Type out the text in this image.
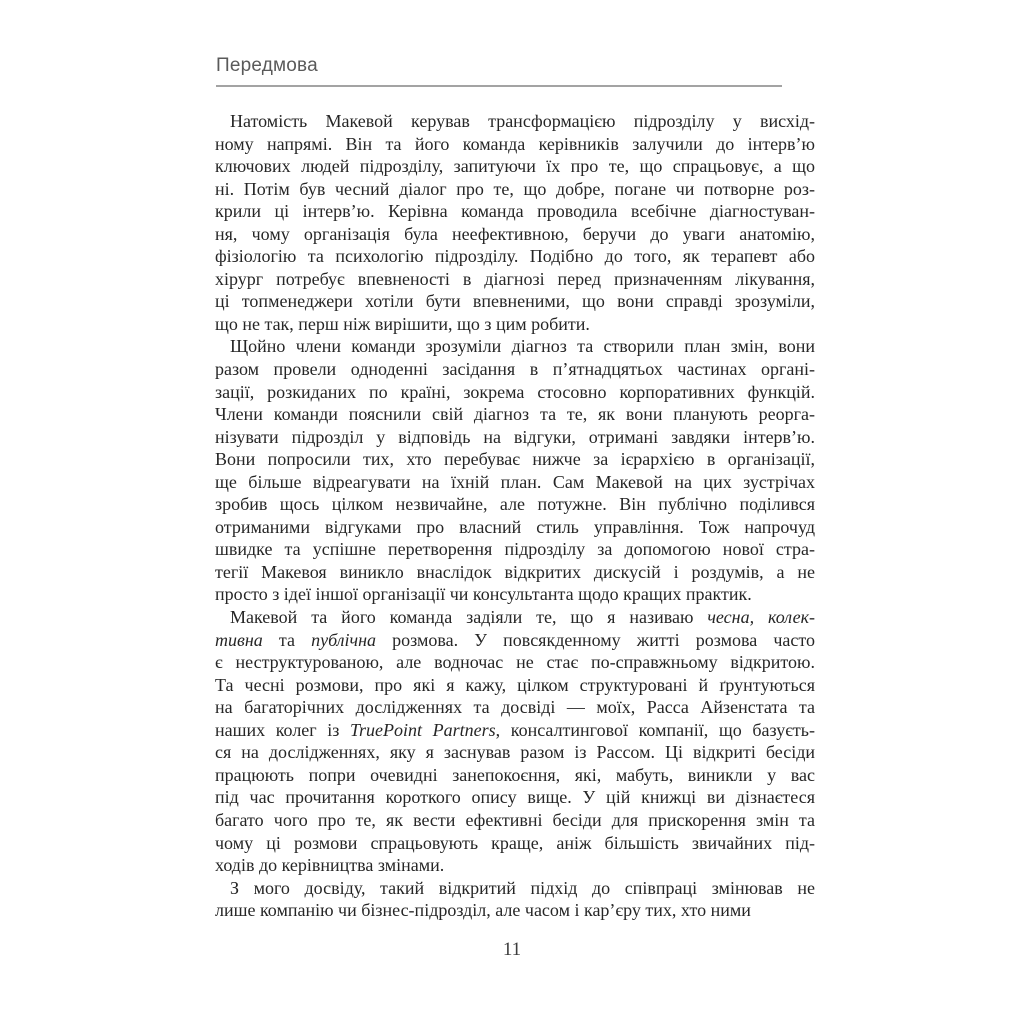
Передмова
Натомість Макевой керував трансформацією підрозділу у висхід-
ному напрямі. Він та його команда керівників залучили до інтерв’ю
ключових людей підрозділу, запитуючи їх про те, що спрацьовує, а що
ні. Потім був чесний діалог про те, що добре, погане чи потворне роз-
крили ці інтерв’ю. Керівна команда проводила всебічне діагностуван-
ня, чому організація була неефективною, беручи до уваги анатомію,
фізіологію та психологію підрозділу. Подібно до того, як терапевт або
хірург потребує впевненості в діагнозі перед призначенням лікування,
ці топменеджери хотіли бути впевненими, що вони справді зрозуміли,
що не так, перш ніж вирішити, що з цим робити.
Щойно члени команди зрозуміли діагноз та створили план змін, вони
разом провели одноденні засідання в п’ятнадцятьох частинах органі-
зації, розкиданих по країні, зокрема стосовно корпоративних функцій.
Члени команди пояснили свій діагноз та те, як вони планують реорга-
нізувати підрозділ у відповідь на відгуки, отримані завдяки інтерв’ю.
Вони попросили тих, хто перебуває нижче за ієрархією в організації,
ще більше відреагувати на їхній план. Сам Макевой на цих зустрічах
зробив щось цілком незвичайне, але потужне. Він публічно поділився
отриманими відгуками про власний стиль управління. Тож напрочуд
швидке та успішне перетворення підрозділу за допомогою нової стра-
тегії Макевоя виникло внаслідок відкритих дискусій і роздумів, а не
просто з ідеї іншої організації чи консультанта щодо кращих практик.
Макевой та його команда задіяли те, що я називаю чесна, колек-
тивна та публічна розмова. У повсякденному житті розмова часто
є неструктурованою, але водночас не стає по-справжньому відкритою.
Та чесні розмови, про які я кажу, цілком структуровані й ґрунтуються
на багаторічних дослідженнях та досвіді — моїх, Расса Айзенстата та
наших колег із TruePoint Partners, консалтингової компанії, що базуєть-
ся на дослідженнях, яку я заснував разом із Рассом. Ці відкриті бесіди
працюють попри очевидні занепокоєння, які, мабуть, виникли у вас
під час прочитання короткого опису вище. У цій книжці ви дізнаєтеся
багато чого про те, як вести ефективні бесіди для прискорення змін та
чому ці розмови спрацьовують краще, аніж більшість звичайних під-
ходів до керівництва змінами.
З мого досвіду, такий відкритий підхід до співпраці змінював не
лише компанію чи бізнес-підрозділ, але часом і кар’єру тих, хто ними
11
